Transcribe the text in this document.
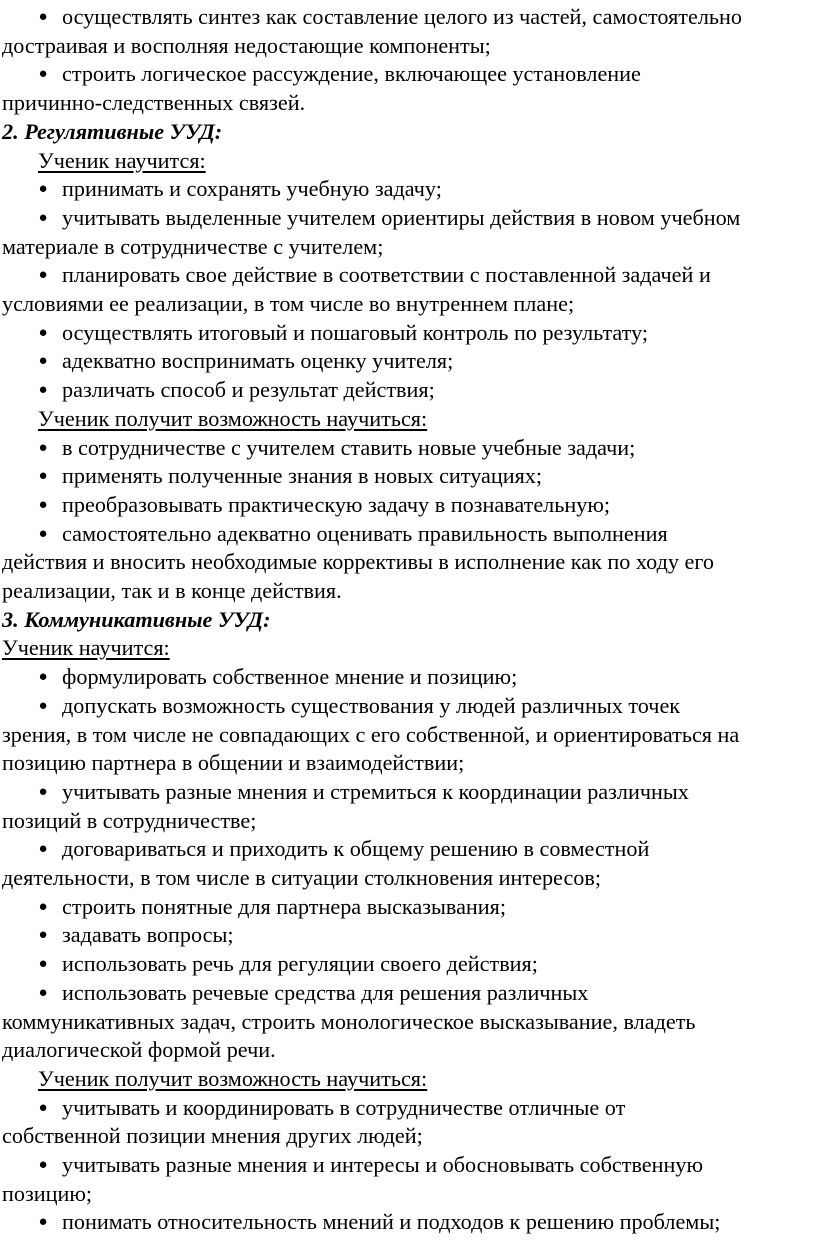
● осуществлять синтез как составление целого из частей, самостоятельно
достраивая и восполняя недостающие компоненты;
● строить логическое рассуждение, включающее установление
причинно-следственных связей.
2. Регулятивные УУД:
Ученик научится:
● принимать и сохранять учебную задачу;
● учитывать выделенные учителем ориентиры действия в новом учебном
материале в сотрудничестве с учителем;
● планировать свое действие в соответствии с поставленной задачей и
условиями ее реализации, в том числе во внутреннем плане;
● осуществлять итоговый и пошаговый контроль по результату;
● адекватно воспринимать оценку учителя;
● различать способ и результат действия;
Ученик получит возможность научиться:
● в сотрудничестве с учителем ставить новые учебные задачи;
● применять полученные знания в новых ситуациях;
● преобразовывать практическую задачу в познавательную;
● самостоятельно адекватно оценивать правильность выполнения
действия и вносить необходимые коррективы в исполнение как по ходу его
реализации, так и в конце действия.
3. Коммуникативные УУД:
Ученик научится:
● формулировать собственное мнение и позицию;
● допускать возможность существования у людей различных точек
зрения, в том числе не совпадающих с его собственной, и ориентироваться на
позицию партнера в общении и взаимодействии;
● учитывать разные мнения и стремиться к координации различных
позиций в сотрудничестве;
● договариваться и приходить к общему решению в совместной
деятельности, в том числе в ситуации столкновения интересов;
● строить понятные для партнера высказывания;
● задавать вопросы;
● использовать речь для регуляции своего действия;
● использовать речевые средства для решения различных
коммуникативных задач, строить монологическое высказывание, владеть
диалогической формой речи.
Ученик получит возможность научиться:
● учитывать и координировать в сотрудничестве отличные от
собственной позиции мнения других людей;
● учитывать разные мнения и интересы и обосновывать собственную
позицию;
● понимать относительность мнений и подходов к решению проблемы;
